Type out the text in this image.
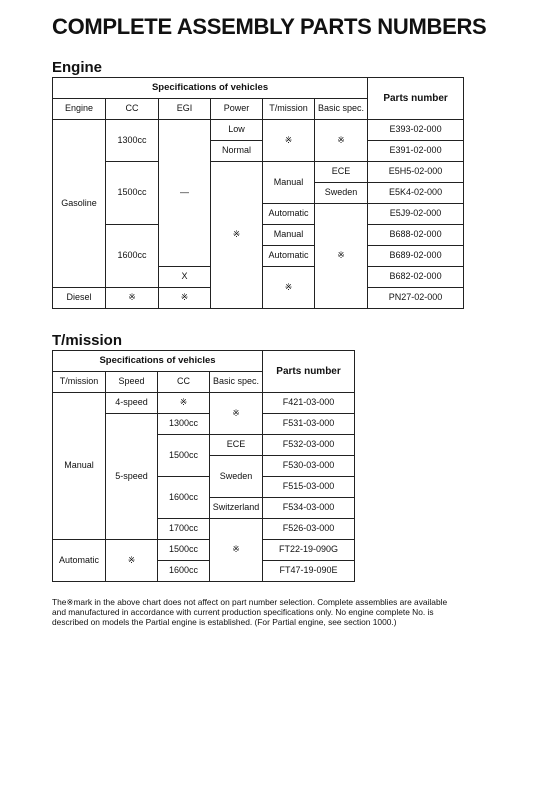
COMPLETE ASSEMBLY PARTS NUMBERS
Engine
Specifications of vehicles						Parts number
Engine	CC	EGI	Power	T/mission	Basic spec.	
Gasoline	1300cc	—	Low	※	※	E393-02-000
			Normal			E391-02-000
	1500cc		※	Manual	ECE	E5H5-02-000
					Sweden	E5K4-02-000
				Automatic	※	E5J9-02-000
	1600cc			Manual		B688-02-000
				Automatic		B689-02-000
		X		※		B682-02-000
Diesel	※	※				PN27-02-000
T/mission
Specifications of vehicles				Parts number
T/mission	Speed	CC	Basic spec.	
Manual	4-speed	※	※	F421-03-000
	5-speed	1300cc		F531-03-000
		1500cc	ECE	F532-03-000
			Sweden	F530-03-000
		1600cc		F515-03-000
			Switzerland	F534-03-000
		1700cc	※	F526-03-000
Automatic	※	1500cc		FT22-19-090G
		1600cc		FT47-19-090E
The※mark in the above chart does not affect on part number selection. Complete assemblies are available
and manufactured in accordance with current production specifications only. No engine complete No. is
described on models the Partial engine is established. (For Partial engine, see section 1000.)
